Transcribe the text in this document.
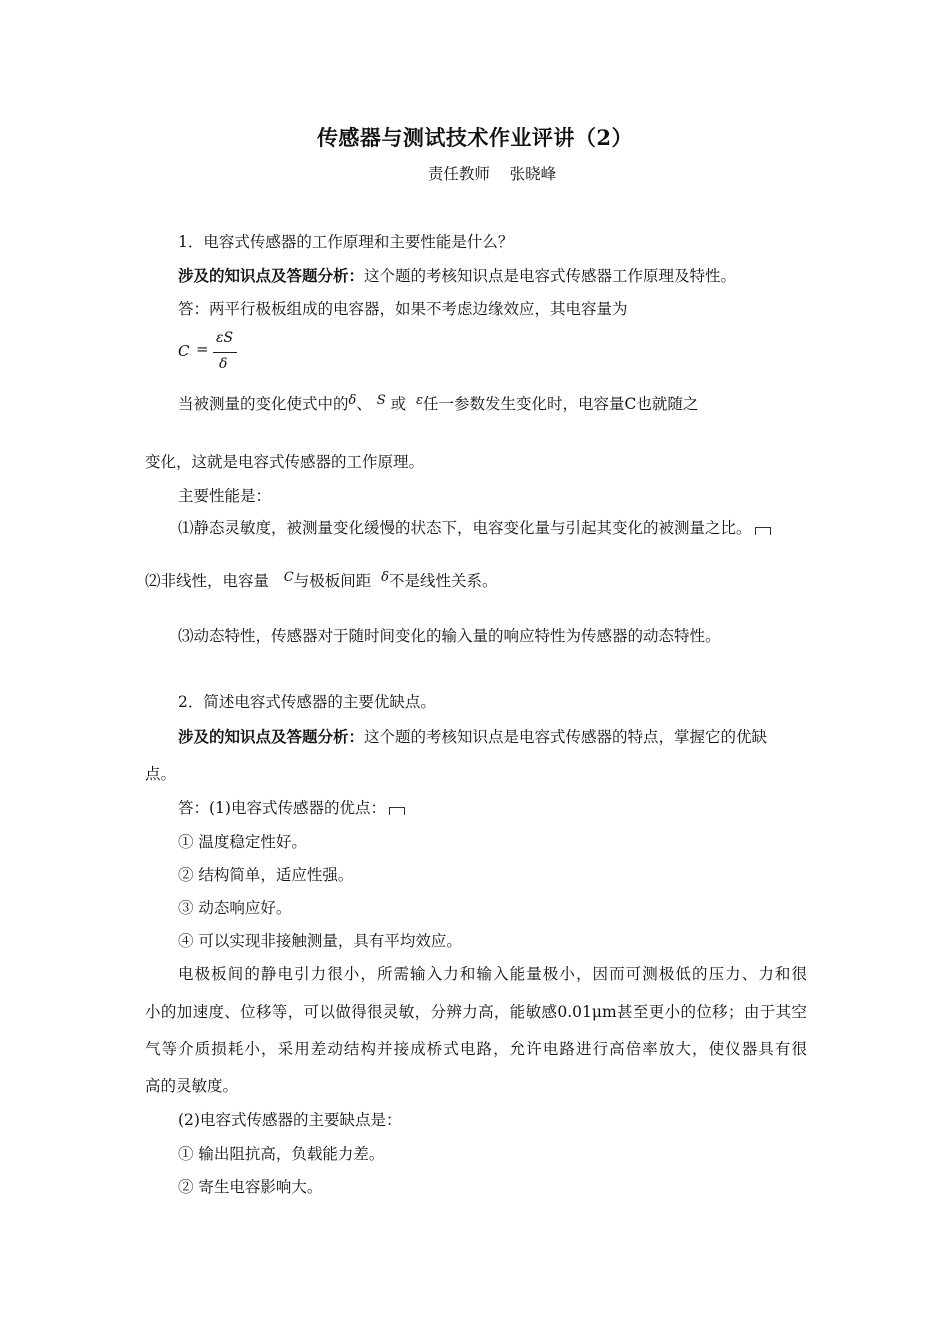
传感器与测试技术作业评讲（2）
责任教师 张晓峰
1．电容式传感器的工作原理和主要性能是什么？
涉及的知识点及答题分析：这个题的考核知识点是电容式传感器工作原理及特性。
答：两平行极板组成的电容器，如果不考虑边缘效应，其电容量为
C =
εS
δ
当被测量的变化使式中的$^\delta$、 $^S$ 或 $^\varepsilon$任一参数发生变化时，电容量C也就随之
变化，这就是电容式传感器的工作原理。
主要性能是：
⑴静态灵敏度，被测量变化缓慢的状态下，电容变化量与引起其变化的被测量之比。
⑵非线性，电容量 $^C$与极板间距 $^\delta$不是线性关系。
⑶动态特性，传感器对于随时间变化的输入量的响应特性为传感器的动态特性。
2．简述电容式传感器的主要优缺点。
涉及的知识点及答题分析：这个题的考核知识点是电容式传感器的特点，掌握它的优缺
点。
答：(1)电容式传感器的优点：
① 温度稳定性好。
② 结构简单，适应性强。
③ 动态响应好。
④ 可以实现非接触测量，具有平均效应。
电极板间的静电引力很小，所需输入力和输入能量极小，因而可测极低的压力、力和很
小的加速度、位移等，可以做得很灵敏，分辨力高，能敏感0.01μm甚至更小的位移；由于其空
气等介质损耗小，采用差动结构并接成桥式电路，允许电路进行高倍率放大，使仪器具有很
高的灵敏度。
(2)电容式传感器的主要缺点是：
① 输出阻抗高，负载能力差。
② 寄生电容影响大。
